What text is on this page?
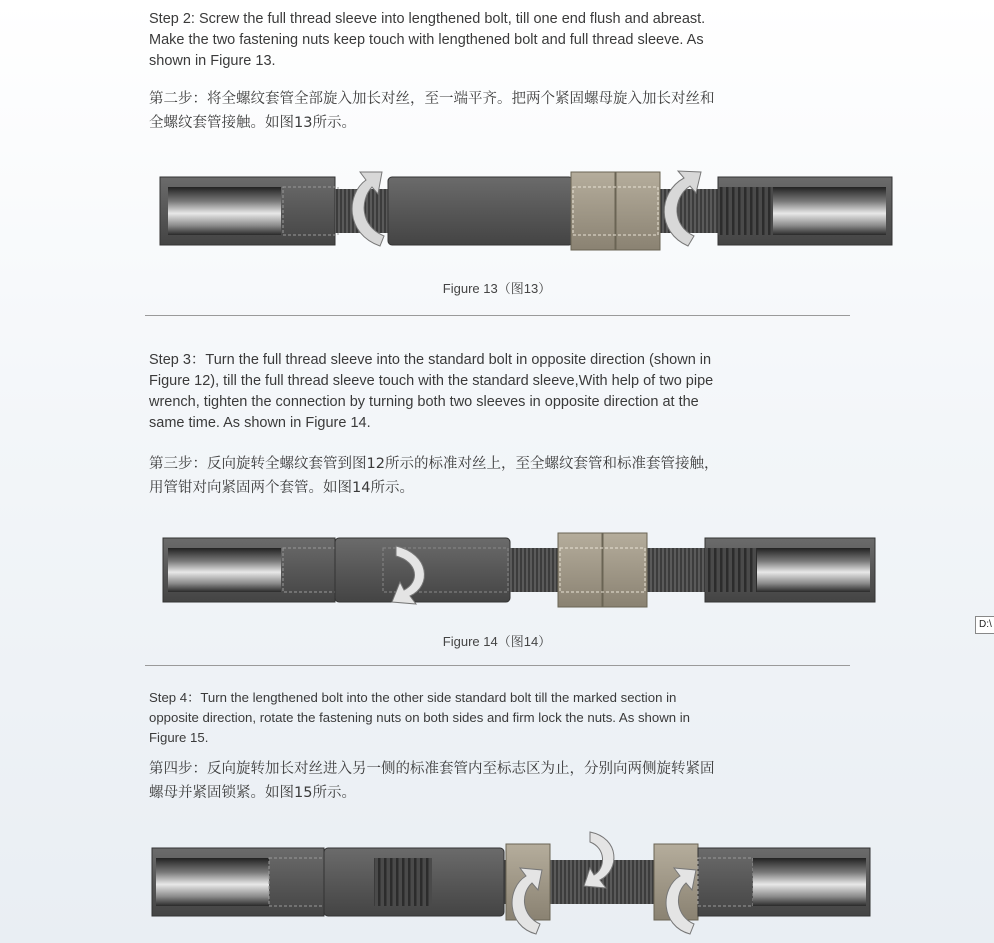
Step 2: Screw the full thread sleeve into lengthened bolt, till one end flush and abreast. Make the two fastening nuts keep touch with lengthened bolt and full thread sleeve. As shown in Figure 13.

第二步：将全螺纹套管全部旋入加长对丝，至一端平齐。把两个紧固螺母旋入加长对丝和全螺纹套管接触。如图13所示。

Figure 13（图13）

Step 3：Turn the full thread sleeve into the standard bolt in opposite direction (shown in Figure 12), till the full thread sleeve touch with the standard sleeve,With help of two pipe wrench, tighten the connection by turning both two sleeves in opposite direction at the same time. As shown in Figure 14.

第三步：反向旋转全螺纹套管到图12所示的标准对丝上，至全螺纹套管和标准套管接触，用管钳对向紧固两个套管。如图14所示。

Figure 14（图14）

Step 4：Turn the lengthened bolt into the other side standard bolt till the marked section in opposite direction, rotate the fastening nuts on both sides and firm lock the nuts. As shown in Figure 15.

第四步：反向旋转加长对丝进入另一侧的标准套管内至标志区为止，分别向两侧旋转紧固螺母并紧固锁紧。如图15所示。

D:\
